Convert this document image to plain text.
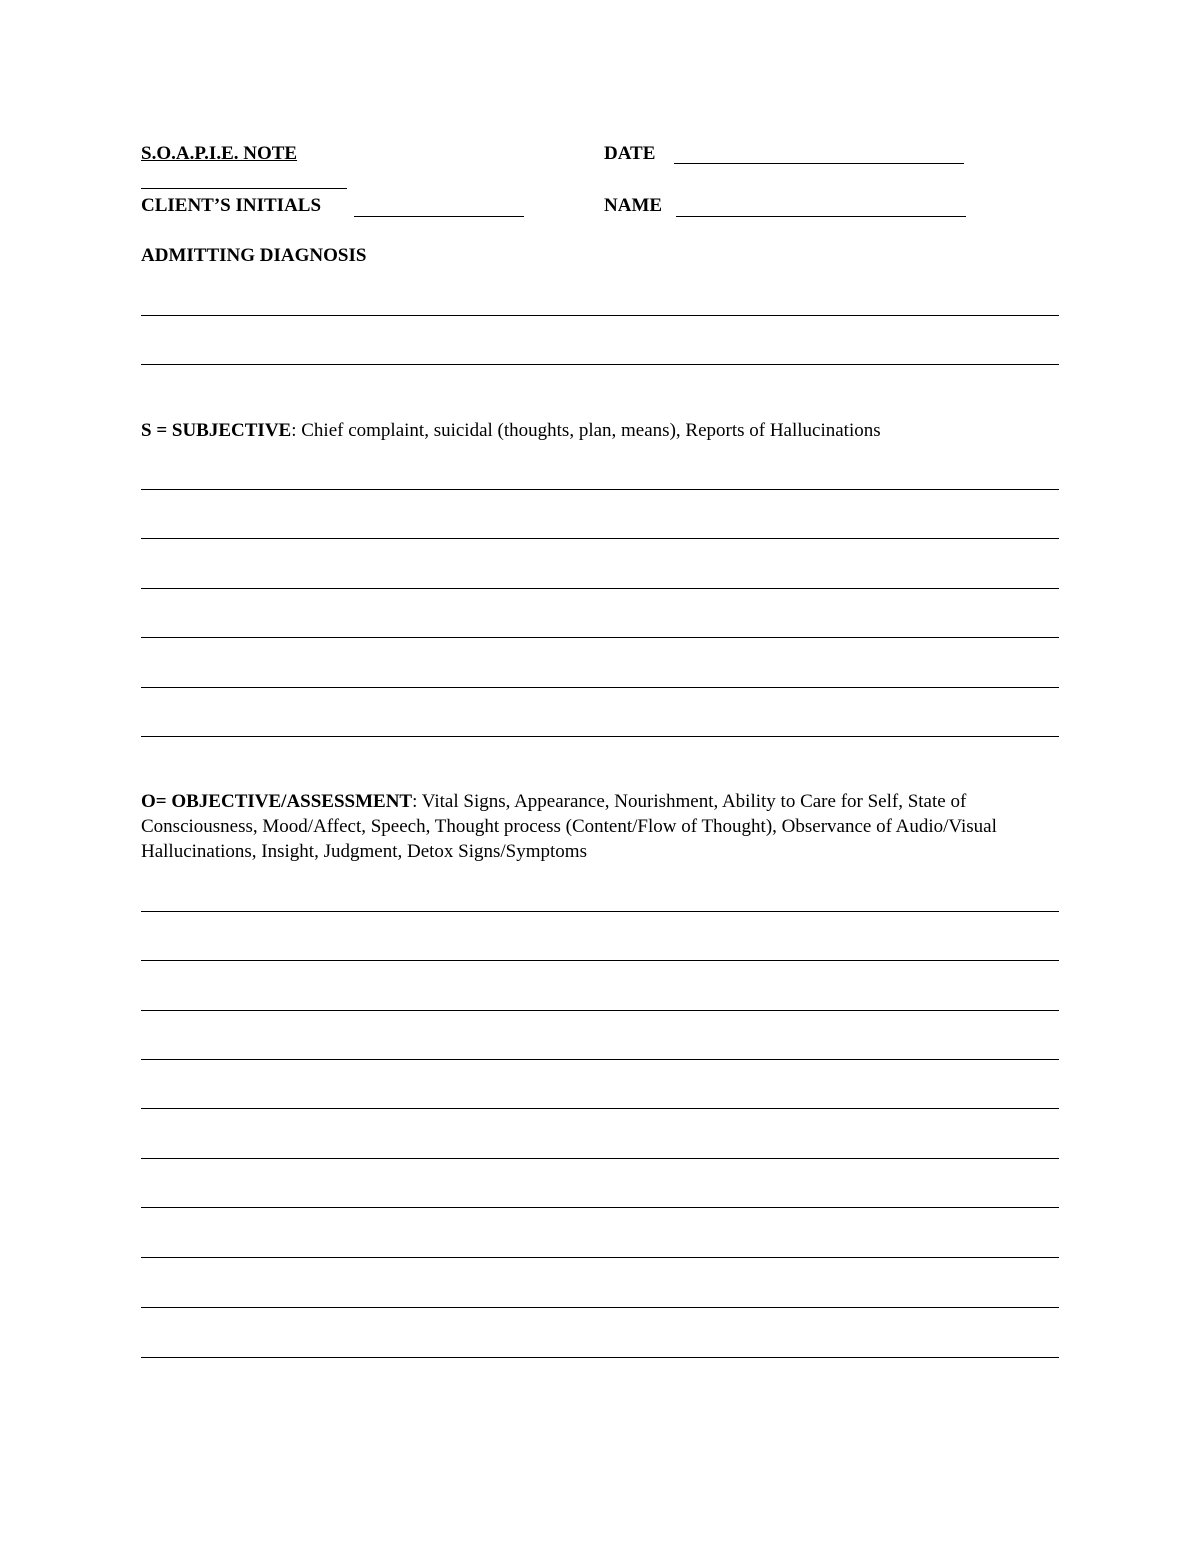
S.O.A.P.I.E. NOTE	DATE
CLIENT’S INITIALS	NAME
ADMITTING DIAGNOSIS
S = SUBJECTIVE: Chief complaint, suicidal (thoughts, plan, means), Reports of Hallucinations
O= OBJECTIVE/ASSESSMENT: Vital Signs, Appearance, Nourishment, Ability to Care for Self, State of Consciousness, Mood/Affect, Speech, Thought process (Content/Flow of Thought), Observance of Audio/Visual Hallucinations, Insight, Judgment, Detox Signs/Symptoms
